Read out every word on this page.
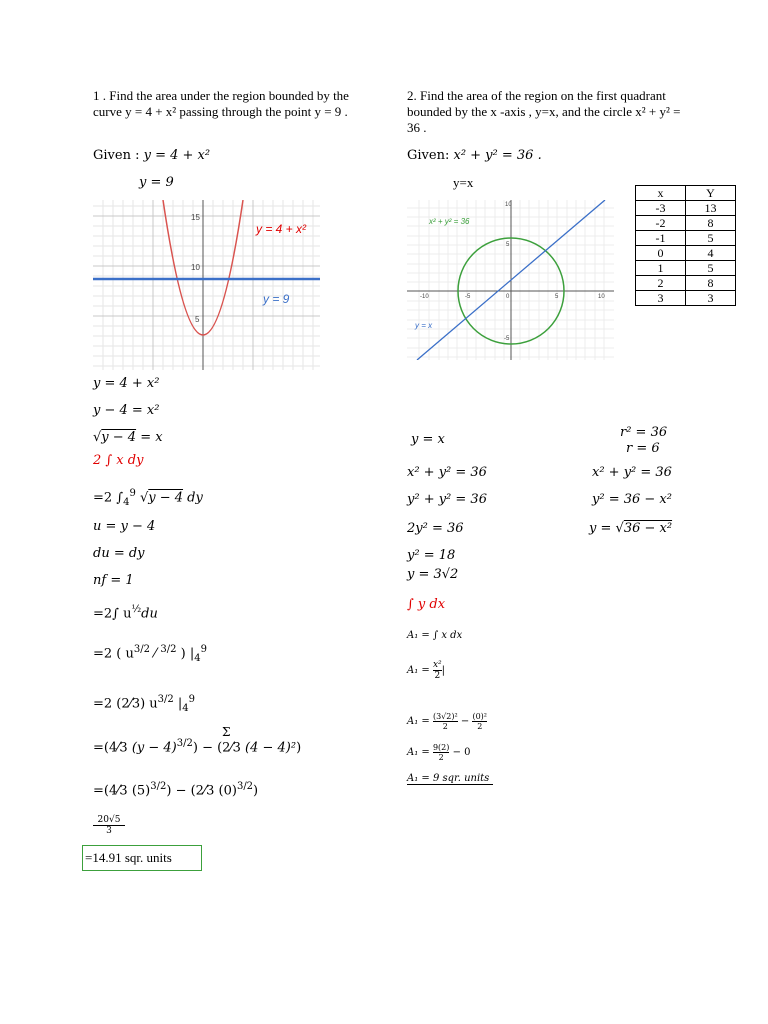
1 . Find the area under the region bounded by the curve y = 4 + x² passing through the point y = 9 .
Given : y = 4 + x²
y = 9
15
10
5
y = 4 + x²
y = 9
y = 4 + x²
y − 4 = x²
√y − 4 = x
2 ∫ x dy
=2 $\int_4^9$ √y − 4 dy
u = y − 4
du = dy
nf = 1
=2∫ $u^{\frac{1}{2}}du$
=2 ( $u^{3/2}$ ⁄ $^{3/2}$ ) $|_4^9$
=2 (2⁄3) $u^{3/2}$ $|_4^9$
=(4⁄3 $(y - 4)^{3/2}$) − (2⁄3 (4 − 4)²)
Σ
=(4⁄3 $(5)^{3/2}$) − (2⁄3 $(0)^{3/2}$)
$\frac{20√5}{3}$
=14.91 sqr. units
2. Find the area of the region on the first quadrant bounded by the x -axis , y=x, and the circle x² + y² = 36 .
Given: x² + y² = 36 .
y=x
-10	-5	0	5	10
10
5
-5
x² + y² = 36
y = x
x	Y
-3	13
-2	8
-1	5
0	4
1	5
2	8
3	3
y = x
x² + y² = 36
y² + y² = 36
2y² = 36
y² = 18
y = 3√2
r² = 36
r = 6
x² + y² = 36
y² = 36 − x²
y = √36 − x²
∫ y dx
A₁ = ∫ x dx
$A_1 = \frac{\text{x²}}{2}$ |
$A_1 = \frac{\text{(3√2)²}}{2} - \frac{\text{(0)²}}{2}$
$A_1 = \frac{9(2)}{2} - 0$
A₁ = 9 sqr. units
